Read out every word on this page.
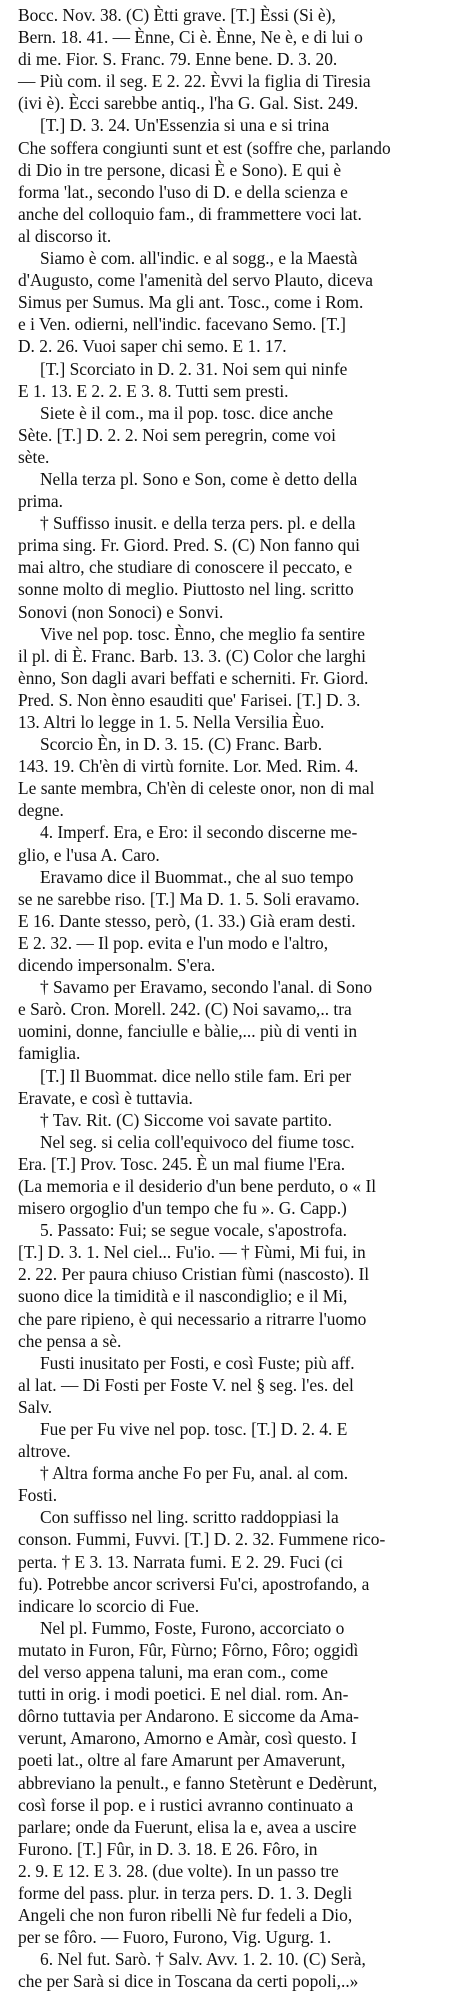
Bocc. Nov. 38. (C) Ètti grave. [T.] Èssi (Si è),
Bern. 18. 41. — Ènne, Ci è. Ènne, Ne è, e di lui o
di me. Fior. S. Franc. 79. Enne bene. D. 3. 20.
— Più com. il seg. E 2. 22. Èvvi la figlia di Tiresia
(ivi è). Ècci sarebbe antiq., l'ha G. Gal. Sist. 249.
[T.] D. 3. 24. Un'Essenzia si una e si trina
Che soffera congiunti sunt et est (soffre che, parlando
di Dio in tre persone, dicasi È e Sono). E qui è
forma 'lat., secondo l'uso di D. e della scienza e
anche del colloquio fam., di frammettere voci lat.
al discorso it.
Siamo è com. all'indic. e al sogg., e la Maestà
d'Augusto, come l'amenità del servo Plauto, diceva
Simus per Sumus. Ma gli ant. Tosc., come i Rom.
e i Ven. odierni, nell'indic. facevano Semo. [T.]
D. 2. 26. Vuoi saper chi semo. E 1. 17.
[T.] Scorciato in D. 2. 31. Noi sem qui ninfe
E 1. 13. E 2. 2. E 3. 8. Tutti sem presti.
Siete è il com., ma il pop. tosc. dice anche
Sète. [T.] D. 2. 2. Noi sem peregrin, come voi
sète.
Nella terza pl. Sono e Son, come è detto della
prima.
† Suffisso inusit. e della terza pers. pl. e della
prima sing. Fr. Giord. Pred. S. (C) Non fanno qui
mai altro, che studiare di conoscere il peccato, e
sonne molto di meglio. Piuttosto nel ling. scritto
Sonovi (non Sonoci) e Sonvi.
Vive nel pop. tosc. Ènno, che meglio fa sentire
il pl. di È. Franc. Barb. 13. 3. (C) Color che larghi
ènno, Son dagli avari beffati e scherniti. Fr. Giord.
Pred. S. Non ènno esauditi que' Farisei. [T.] D. 3.
13. Altri lo legge in 1. 5. Nella Versilia Èuo.
Scorcio Èn, in D. 3. 15. (C) Franc. Barb.
143. 19. Ch'èn di virtù fornite. Lor. Med. Rim. 4.
Le sante membra, Ch'èn di celeste onor, non di mal
degne.
4. Imperf. Era, e Ero: il secondo discerne me-
glio, e l'usa A. Caro.
Eravamo dice il Buommat., che al suo tempo
se ne sarebbe riso. [T.] Ma D. 1. 5. Soli eravamo.
E 16. Dante stesso, però, (1. 33.) Già eram desti.
E 2. 32. — Il pop. evita e l'un modo e l'altro,
dicendo impersonalm. S'era.
† Savamo per Eravamo, secondo l'anal. di Sono
e Sarò. Cron. Morell. 242. (C) Noi savamo,.. tra
uomini, donne, fanciulle e bàlie,... più di venti in
famiglia.
[T.] Il Buommat. dice nello stile fam. Eri per
Eravate, e così è tuttavia.
† Tav. Rit. (C) Siccome voi savate partito.
Nel seg. si celia coll'equivoco del fiume tosc.
Era. [T.] Prov. Tosc. 245. È un mal fiume l'Era.
(La memoria e il desiderio d'un bene perduto, o « Il
misero orgoglio d'un tempo che fu ». G. Capp.)
5. Passato: Fui; se segue vocale, s'apostrofa.
[T.] D. 3. 1. Nel ciel... Fu'io. — † Fùmi, Mi fui, in
2. 22. Per paura chiuso Cristian fùmi (nascosto). Il
suono dice la timidità e il nascondiglio; e il Mi,
che pare ripieno, è qui necessario a ritrarre l'uomo
che pensa a sè.
Fusti inusitato per Fosti, e così Fuste; più aff.
al lat. — Di Fosti per Foste V. nel § seg. l'es. del
Salv.
Fue per Fu vive nel pop. tosc. [T.] D. 2. 4. E
altrove.
† Altra forma anche Fo per Fu, anal. al com.
Fosti.
Con suffisso nel ling. scritto raddoppiasi la
conson. Fummi, Fuvvi. [T.] D. 2. 32. Fummene rico-
perta. † E 3. 13. Narrata fumi. E 2. 29. Fuci (ci
fu). Potrebbe ancor scriversi Fu'ci, apostrofando, a
indicare lo scorcio di Fue.
Nel pl. Fummo, Foste, Furono, accorciato o
mutato in Furon, Fûr, Fùrno; Fôrno, Fôro; oggidì
del verso appena taluni, ma eran com., come
tutti in orig. i modi poetici. E nel dial. rom. An-
dôrno tuttavia per Andarono. E siccome da Ama-
verunt, Amarono, Amorno e Amàr, così questo. I
poeti lat., oltre al fare Amarunt per Amaverunt,
abbreviano la penult., e fanno Stetèrunt e Dedèrunt,
così forse il pop. e i rustici avranno continuato a
parlare; onde da Fuerunt, elisa la e, avea a uscire
Furono. [T.] Fûr, in D. 3. 18. E 26. Fôro, in
2. 9. E 12. E 3. 28. (due volte). In un passo tre
forme del pass. plur. in terza pers. D. 1. 3. Degli
Angeli che non furon ribelli Nè fur fedeli a Dio,
per se fôro. — Fuoro, Furono, Vig. Ugurg. 1.
6. Nel fut. Sarò. † Salv. Avv. 1. 2. 10. (C) Serà,
che per Sarà si dice in Toscana da certi popoli,..»
